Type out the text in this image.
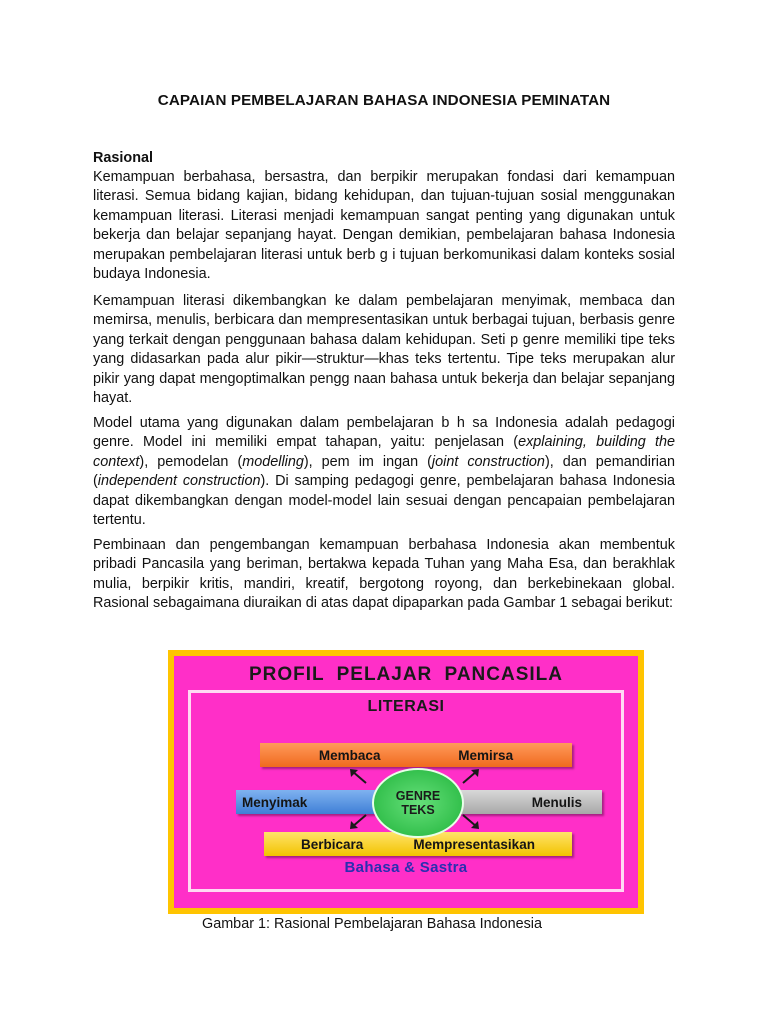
CAPAIAN PEMBELAJARAN BAHASA INDONESIA PEMINATAN
Rasional
Kemampuan berbahasa, bersastra, dan berpikir merupakan fondasi dari kemampuan literasi. Semua bidang kajian, bidang kehidupan, dan tujuan-tujuan sosial menggunakan kemampuan literasi. Literasi menjadi kemampuan sangat penting yang digunakan untuk bekerja dan belajar sepanjang hayat. Dengan demikian, pembelajaran bahasa Indonesia merupakan pembelajaran literasi untuk berb g i tujuan berkomunikasi dalam konteks sosial budaya Indonesia.
Kemampuan literasi dikembangkan ke dalam pembelajaran menyimak, membaca dan memirsa, menulis, berbicara dan mempresentasikan untuk berbagai tujuan, berbasis genre yang terkait dengan penggunaan bahasa dalam kehidupan. Seti p genre memiliki tipe teks yang didasarkan pada alur pikir—struktur—khas teks tertentu. Tipe teks merupakan alur pikir yang dapat mengoptimalkan pengg naan bahasa untuk bekerja dan belajar sepanjang hayat.
Model utama yang digunakan dalam pembelajaran b h sa Indonesia adalah pedagogi genre. Model ini memiliki empat tahapan, yaitu: penjelasan (explaining, building the context), pemodelan (modelling), pem im ingan (joint construction), dan pemandirian (independent construction). Di samping pedagogi genre, pembelajaran bahasa Indonesia dapat dikembangkan dengan model-model lain sesuai dengan pencapaian pembelajaran tertentu.
Pembinaan dan pengembangan kemampuan berbahasa Indonesia akan membentuk pribadi Pancasila yang beriman, bertakwa kepada Tuhan yang Maha Esa, dan berakhlak mulia, berpikir kritis, mandiri, kreatif, bergotong royong, dan berkebinekaan global. Rasional sebagaimana diuraikan di atas dapat dipaparkan pada Gambar 1 sebagai berikut:
PROFIL PELAJAR PANCASILA
LITERASI
Membaca	Memirsa
Menyimak	Menulis
Berbicara	Mempresentasikan
GENRE
TEKS
Bahasa & Sastra
Gambar 1: Rasional Pembelajaran Bahasa Indonesia
